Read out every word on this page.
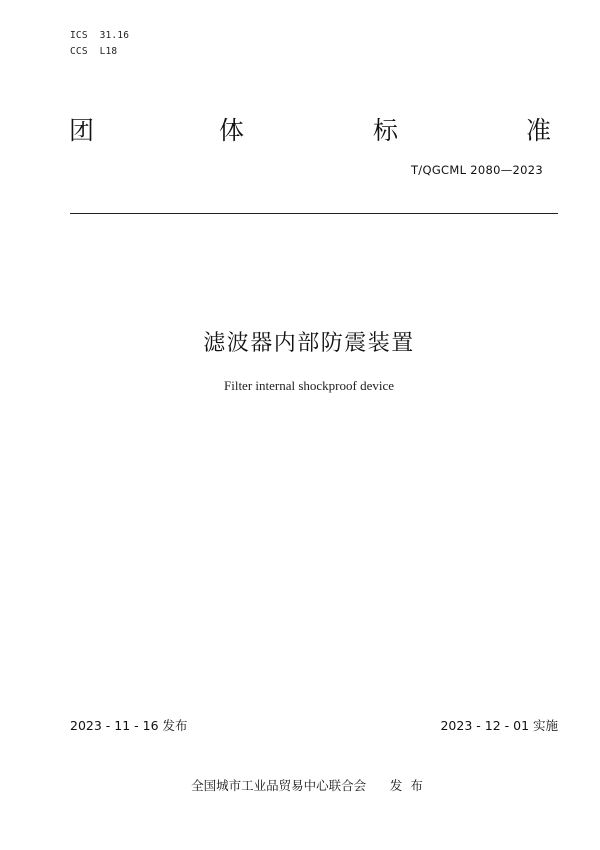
ICS  31.16
CCS  L18
团	体	标	准
T/QGCML 2080—2023
滤波器内部防震装置
Filter internal shockproof device
2023 - 11 - 16 发布	2023 - 12 - 01 实施
全国城市工业品贸易中心联合会      发  布
